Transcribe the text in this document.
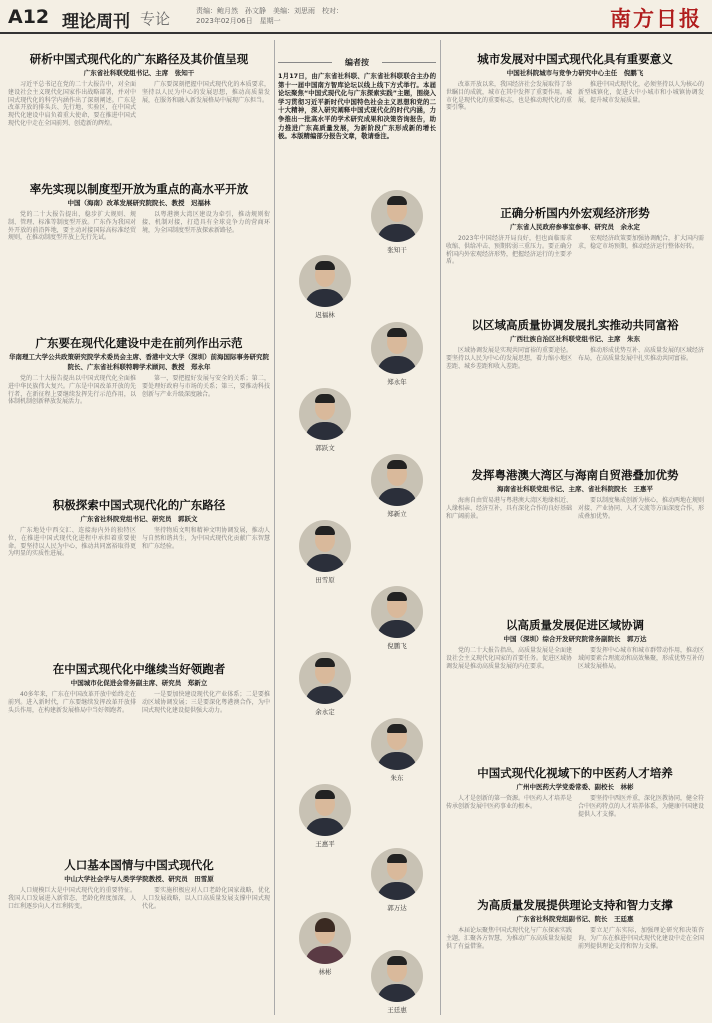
A12 理论周刊 专论	责编：鲍月然　孙文静　美编：刘思雨　校对：
2023年02月06日　星期一	南方日报
研析中国式现代化的广东路径及其价值呈现
广东省社科联党组书记、主席　张知干
习近平总书记在党的二十大报告中，对全面建设社会主义现代化国家作出战略部署，并对中国式现代化的科学内涵作出了深刻阐述。广东是改革开放的排头兵、先行地、实验区，在中国式现代化建设中肩负着重大使命，要在推进中国式现代化中走在全国前列、创造新的辉煌。
广东要深刻把握中国式现代化的本质要求，坚持以人民为中心的发展思想，推动高质量发展，在服务和融入新发展格局中展现广东担当。
率先实现以制度型开放为重点的高水平开放
中国（海南）改革发展研究院院长、教授　迟福林
党的二十大报告提出，稳步扩大规则、规制、管理、标准等制度型开放。广东作为我国对外开放的前沿阵地，要主动对接国际高标准经贸规则，在推动制度型开放上先行先试。
以粤港澳大湾区建设为牵引，推动规则衔接、机制对接，打造具有全球竞争力的营商环境，为全国制度型开放探索新路径。
广东要在现代化建设中走在前列作出示范
华南理工大学公共政策研究院学术委员会主席、香港中文大学（深圳）前海国际事务研究院院长、广东省社科联特聘学术顾问、教授　郑永年
党的二十大报告提出以中国式现代化全面推进中华民族伟大复兴。广东是中国改革开放的先行者，在新征程上要继续发挥先行示范作用，以体制机制创新释放发展活力。
第一，要把握好发展与安全的关系；第二，要处理好政府与市场的关系；第三，要推动科技创新与产业升级深度融合。
积极探索中国式现代化的广东路径
广东省社科院党组书记、研究员　郭跃文
广东地处中西交汇、连接海内外的独特区位，在推进中国式现代化进程中承担着重要使命。要坚持以人民为中心，推动共同富裕取得更为明显的实质性进展。
坚持物质文明和精神文明协调发展，推动人与自然和谐共生，为中国式现代化贡献广东智慧和广东经验。
在中国式现代化中继续当好领跑者
中国城市化促进会常务副主席、研究员　郑新立
40多年来，广东在中国改革开放中始终走在前列。进入新时代，广东要继续发挥改革开放排头兵作用，在构建新发展格局中当好领跑者。
一是要加快建设现代化产业体系；二是要推动区域协调发展；三是要深化粤港澳合作，为中国式现代化建设提供强大动力。
人口基本国情与中国式现代化
中山大学社会学与人类学学院教授、研究员　田雪原
人口规模巨大是中国式现代化的重要特征。我国人口发展进入新常态，老龄化程度加深，人口红利逐步向人才红利转变。
要实施积极应对人口老龄化国家战略，优化人口发展战略，以人口高质量发展支撑中国式现代化。
编者按
1月17日，由广东省社科联、广东省社科联联合主办的第十一届中国南方智库论坛以线上线下方式举行。本届论坛聚焦“中国式现代化与广东探索实践”主题，围绕入学习贯彻习近平新时代中国特色社会主义思想和党的二十大精神，深入研究阐释中国式现代化的时代内涵，力争推出一批高水平的学术研究成果和决策咨询报告，助力推进广东高质量发展，为新阶段广东形成新的增长极。本版精编部分报告文章，敬请垂注。
张知干
迟福林
郑永年
郭跃文
郑新立
田雪原
倪鹏飞
余永定
朱东
王惠平
郭万达
林彬
王廷惠
城市发展对中国式现代化具有重要意义
中国社科院城市与竞争力研究中心主任　倪鹏飞
改革开放以来，我国经济社会发展取得了举世瞩目的成就，城市在其中发挥了重要作用。城市化是现代化的重要标志，也是推动现代化的重要引擎。
推进中国式现代化，必须坚持以人为核心的新型城镇化，促进大中小城市和小城镇协调发展，提升城市发展质量。
正确分析国内外宏观经济形势
广东省人民政府参事室参事、研究员　余永定
2023年中国经济开局良好，但也面临需求收缩、供给冲击、预期转弱三重压力。要正确分析国内外宏观经济形势，把握经济运行的主要矛盾。
宏观经济政策要加强协调配合，扩大国内需求，稳定市场预期，推动经济运行整体好转。
以区域高质量协调发展扎实推动共同富裕
广西壮族自治区社科联党组书记、主席　朱东
区域协调发展是实现共同富裕的重要途径。要坚持以人民为中心的发展思想，着力缩小地区差距、城乡差距和收入差距。
推动形成优势互补、高质量发展的区域经济布局，在高质量发展中扎实推动共同富裕。
发挥粤港澳大湾区与海南自贸港叠加优势
海南省社科联党组书记、主席、省社科院院长　王惠平
海南自由贸易港与粤港澳大湾区地缘相近、人缘相亲、经济互补，具有深化合作的良好基础和广阔前景。
要以制度集成创新为核心，推动两地在规则对接、产业协同、人才交流等方面深度合作，形成叠加优势。
以高质量发展促进区域协调
中国（深圳）综合开发研究院常务副院长　郭万达
党的二十大报告指出，高质量发展是全面建设社会主义现代化国家的首要任务。促进区域协调发展是推动高质量发展的内在要求。
要发挥中心城市和城市群带动作用，推动区域间要素合理流动和高效集聚，形成优势互补的区域发展格局。
中国式现代化视域下的中医药人才培养
广州中医药大学党委常委、副校长　林彬
人才是创新的第一资源。中医药人才培养是传承创新发展中医药事业的根本。
要坚持中西医并重，深化医教协同，健全符合中医药特点的人才培养体系，为健康中国建设提供人才支撑。
为高质量发展提供理论支持和智力支撑
广东省社科院党组副书记、院长　王廷惠
本届论坛聚焦中国式现代化与广东探索实践主题，汇聚各方智慧，为推动广东高质量发展提供了有益借鉴。
要立足广东实际，加强理论研究和决策咨询，为广东在推进中国式现代化建设中走在全国前列提供理论支持和智力支撑。
